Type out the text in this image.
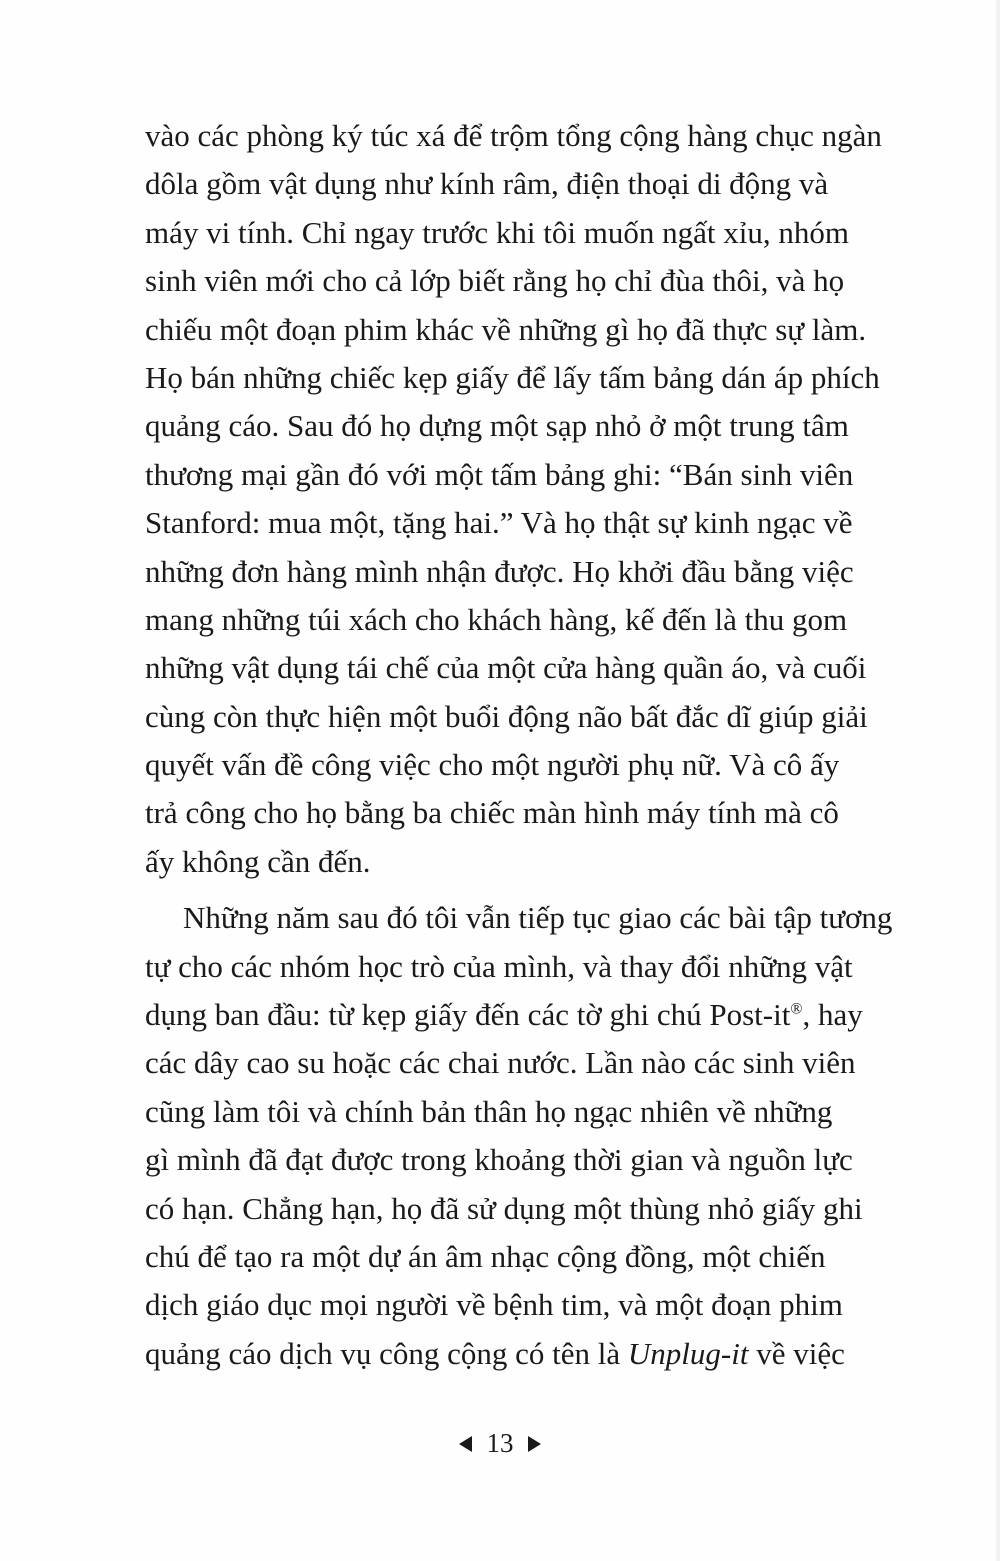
vào các phòng ký túc xá để trộm tổng cộng hàng chục ngàn
dôla gồm vật dụng như kính râm, điện thoại di động và
máy vi tính. Chỉ ngay trước khi tôi muốn ngất xỉu, nhóm
sinh viên mới cho cả lớp biết rằng họ chỉ đùa thôi, và họ
chiếu một đoạn phim khác về những gì họ đã thực sự làm.
Họ bán những chiếc kẹp giấy để lấy tấm bảng dán áp phích
quảng cáo. Sau đó họ dựng một sạp nhỏ ở một trung tâm
thương mại gần đó với một tấm bảng ghi: “Bán sinh viên
Stanford: mua một, tặng hai.” Và họ thật sự kinh ngạc về
những đơn hàng mình nhận được. Họ khởi đầu bằng việc
mang những túi xách cho khách hàng, kế đến là thu gom
những vật dụng tái chế của một cửa hàng quần áo, và cuối
cùng còn thực hiện một buổi động não bất đắc dĩ giúp giải
quyết vấn đề công việc cho một người phụ nữ. Và cô ấy
trả công cho họ bằng ba chiếc màn hình máy tính mà cô
ấy không cần đến.
Những năm sau đó tôi vẫn tiếp tục giao các bài tập tương
tự cho các nhóm học trò của mình, và thay đổi những vật
dụng ban đầu: từ kẹp giấy đến các tờ ghi chú Post-it®, hay
các dây cao su hoặc các chai nước. Lần nào các sinh viên
cũng làm tôi và chính bản thân họ ngạc nhiên về những
gì mình đã đạt được trong khoảng thời gian và nguồn lực
có hạn. Chẳng hạn, họ đã sử dụng một thùng nhỏ giấy ghi
chú để tạo ra một dự án âm nhạc cộng đồng, một chiến
dịch giáo dục mọi người về bệnh tim, và một đoạn phim
quảng cáo dịch vụ công cộng có tên là Unplug-it về việc
13
